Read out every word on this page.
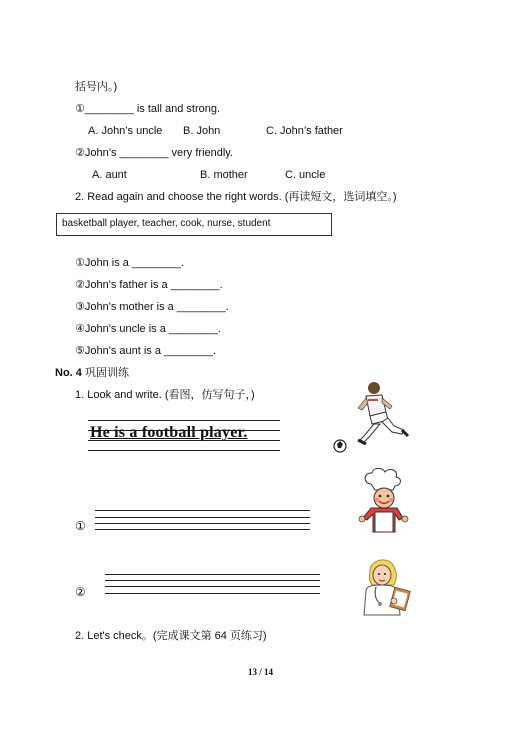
括号内。)
①________ is tall and strong.
A. John’s uncle B. John	C. John’s father
②John’s ________ very friendly.
A. aunt	B. mother	C. uncle
2. Read again and choose the right words. (再读短文，选词填空。)
basketball player, teacher, cook, nurse, student
①John is a ________.
②John's father is a ________.
③John's mother is a ________.
④John's uncle is a ________.
⑤John's aunt is a ________.
No. 4 巩固训练
1. Look and write. (看图，仿写句子，)
He is a football player.
①
②
2. Let's check。(完成课文第 64 页练习)
13 / 14
